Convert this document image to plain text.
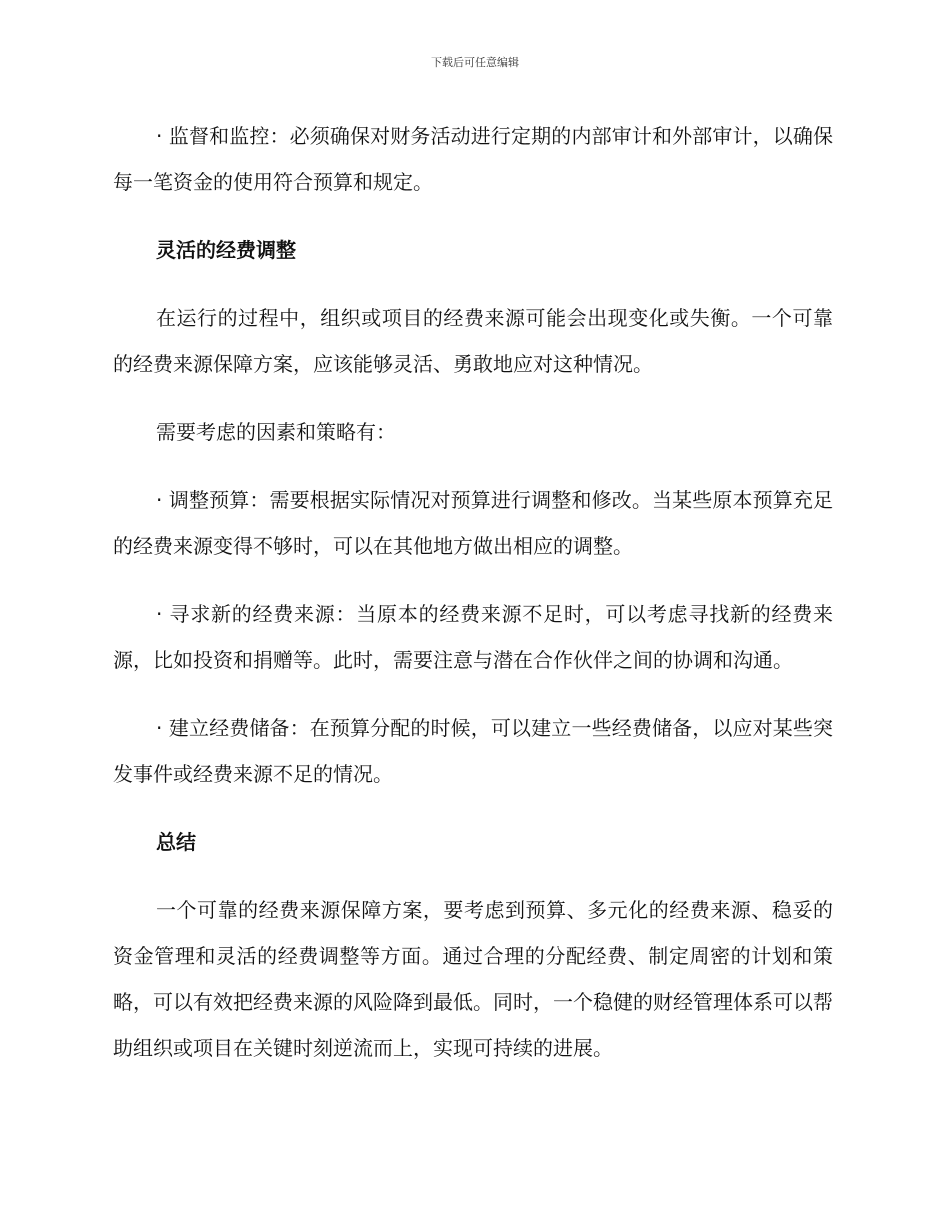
下载后可任意编辑

· 监督和监控：必须确保对财务活动进行定期的内部审计和外部审计，以确保每一笔资金的使用符合预算和规定。

灵活的经费调整

在运行的过程中，组织或项目的经费来源可能会出现变化或失衡。一个可靠的经费来源保障方案，应该能够灵活、勇敢地应对这种情况。

需要考虑的因素和策略有：

· 调整预算：需要根据实际情况对预算进行调整和修改。当某些原本预算充足的经费来源变得不够时，可以在其他地方做出相应的调整。

· 寻求新的经费来源：当原本的经费来源不足时，可以考虑寻找新的经费来源，比如投资和捐赠等。此时，需要注意与潜在合作伙伴之间的协调和沟通。

· 建立经费储备：在预算分配的时候，可以建立一些经费储备，以应对某些突发事件或经费来源不足的情况。

总结

一个可靠的经费来源保障方案，要考虑到预算、多元化的经费来源、稳妥的资金管理和灵活的经费调整等方面。通过合理的分配经费、制定周密的计划和策略，可以有效把经费来源的风险降到最低。同时，一个稳健的财经管理体系可以帮助组织或项目在关键时刻逆流而上，实现可持续的进展。
